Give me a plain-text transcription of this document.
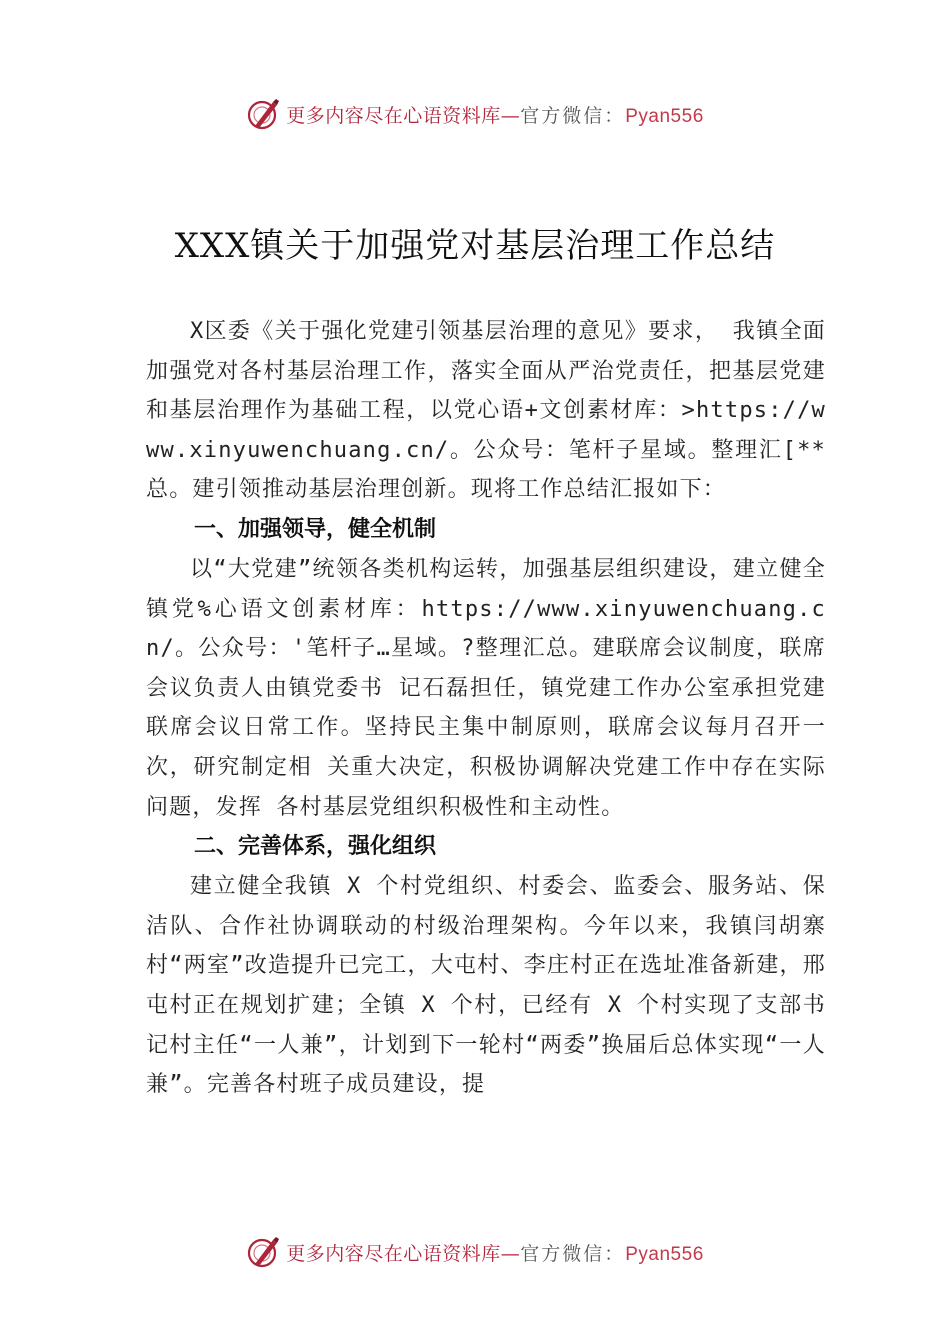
更多内容尽在心语资料库—官方微信：Pyan556
XXX镇关于加强党对基层治理工作总结

X区委《关于强化党建引领基层治理的意见》要求， 我镇全面加强党对各村基层治理工作，落实全面从严治党责任，把基层党建和基层治理作为基础工程，以党心语+文创素材库：>https://www.xinyuwenchuang.cn/。公众号：笔杆子星域。整理汇[**总。建引领推动基层治理创新。现将工作总结汇报如下：

一、加强领导，健全机制

以“大党建”统领各类机构运转，加强基层组织建设，建立健全镇党%心语文创素材库：https://www.xinyuwenchuang.cn/。公众号：'笔杆子…星域。?整理汇总。建联席会议制度，联席会议负责人由镇党委书 记石磊担任，镇党建工作办公室承担党建联席会议日常工作。坚持民主集中制原则，联席会议每月召开一次，研究制定相 关重大决定，积极协调解决党建工作中存在实际问题，发挥 各村基层党组织积极性和主动性。

二、完善体系，强化组织

建立健全我镇 X 个村党组织、村委会、监委会、服务站、保洁队、合作社协调联动的村级治理架构。今年以来，我镇闫胡寨村“两室”改造提升已完工，大屯村、李庄村正在选址准备新建，邢屯村正在规划扩建；全镇 X 个村，已经有 X 个村实现了支部书记村主任“一人兼”，计划到下一轮村“两委”换届后总体实现“一人兼”。完善各村班子成员建设，提

更多内容尽在心语资料库—官方微信：Pyan556
